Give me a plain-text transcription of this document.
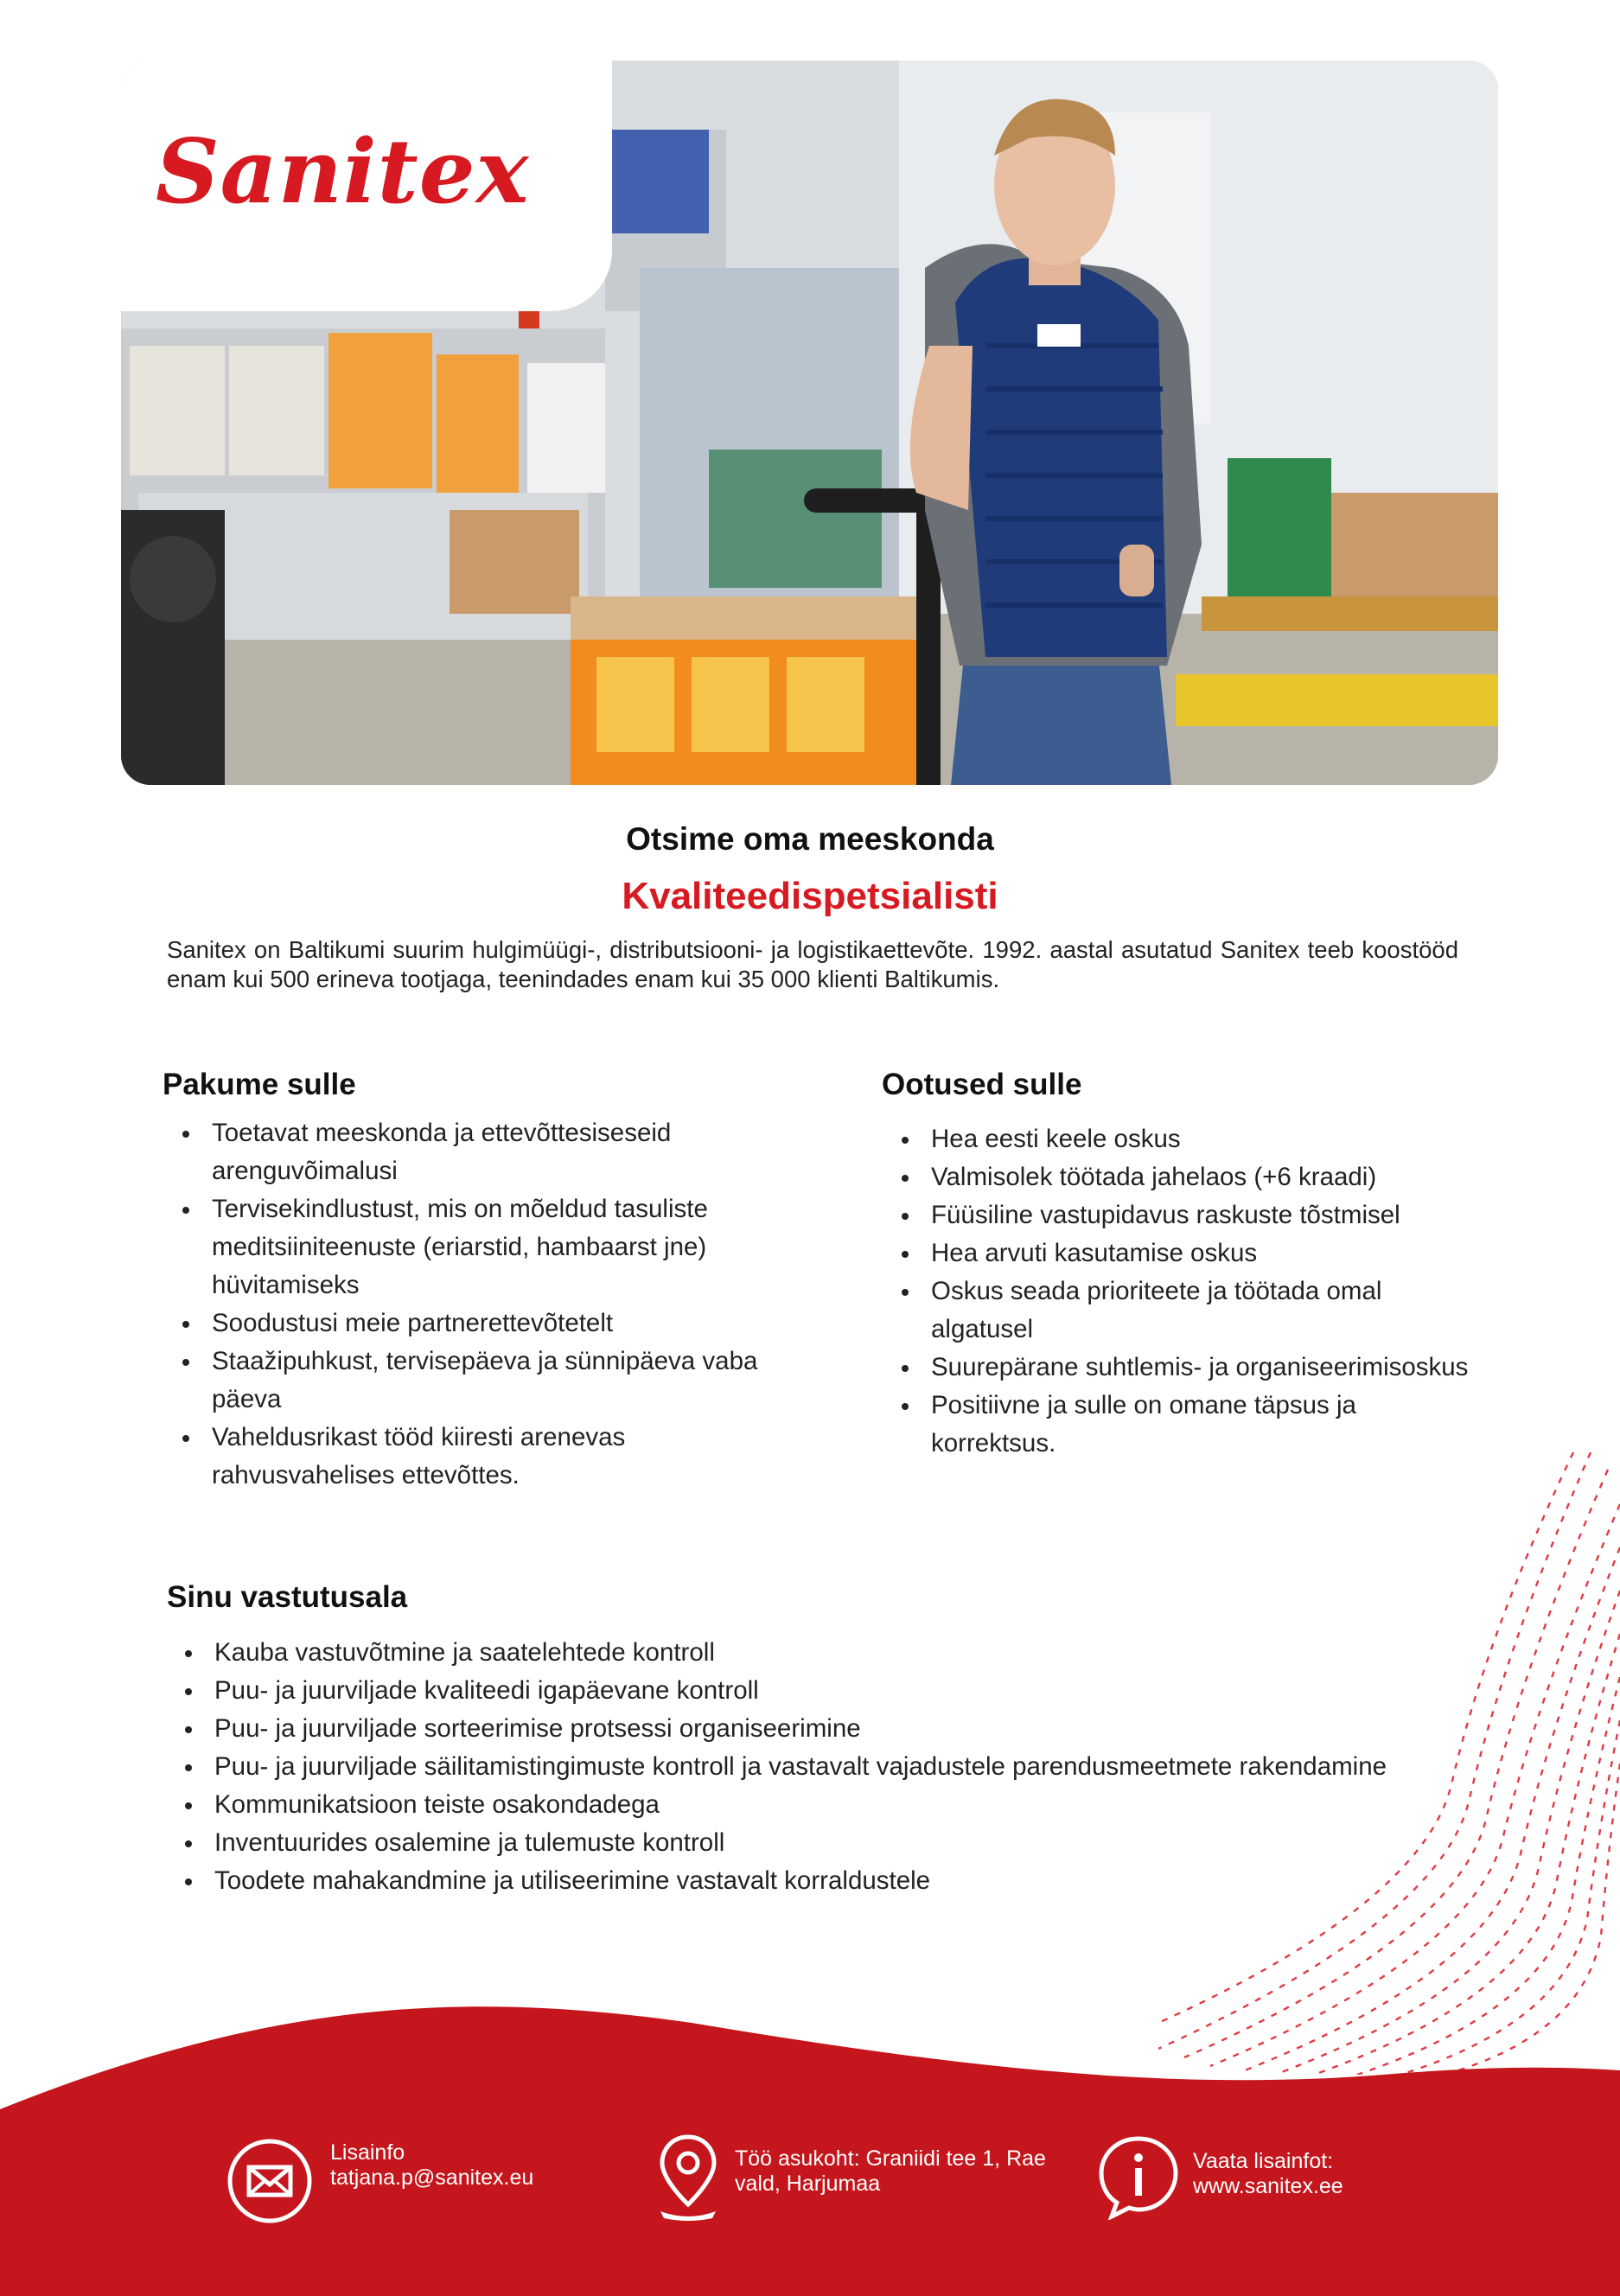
Sanitex
Otsime oma meeskonda
Kvaliteedispetsialisti
Sanitex on Baltikumi suurim hulgimüügi-, distributsiooni- ja logistikaettevõte. 1992. aastal asutatud Sanitex teeb koostööd enam kui 500 erineva tootjaga, teenindades enam kui 35 000 klienti Baltikumis.
Pakume sulle
Toetavat meeskonda ja ettevõttesiseseid arenguvõimalusi
Tervisekindlustust, mis on mõeldud tasuliste meditsiiniteenuste (eriarstid, hambaarst jne) hüvitamiseks
Soodustusi meie partnerettevõtetelt
Staažipuhkust, tervisepäeva ja sünnipäeva vaba päeva
Vaheldusrikast tööd kiiresti arenevas rahvusvahelises ettevõttes.
Ootused sulle
Hea eesti keele oskus
Valmisolek töötada jahelaos (+6 kraadi)
Füüsiline vastupidavus raskuste tõstmisel
Hea arvuti kasutamise oskus
Oskus seada prioriteete ja töötada omal algatusel
Suurepärane suhtlemis- ja organiseerimisoskus
Positiivne ja sulle on omane täpsus ja korrektsus.
Sinu vastutusala
Kauba vastuvõtmine ja saatelehtede kontroll
Puu- ja juurviljade kvaliteedi igapäevane kontroll
Puu- ja juurviljade sorteerimise protsessi organiseerimine
Puu- ja juurviljade säilitamistingimuste kontroll ja vastavalt vajadustele parendusmeetmete rakendamine
Kommunikatsioon teiste osakondadega
Inventuurides osalemine ja tulemuste kontroll
Toodete mahakandmine ja utiliseerimine vastavalt korraldustele
Lisainfo
tatjana.p@sanitex.eu
Töö asukoht: Graniidi tee 1, Rae
vald, Harjumaa
Vaata lisainfot:
www.sanitex.ee
